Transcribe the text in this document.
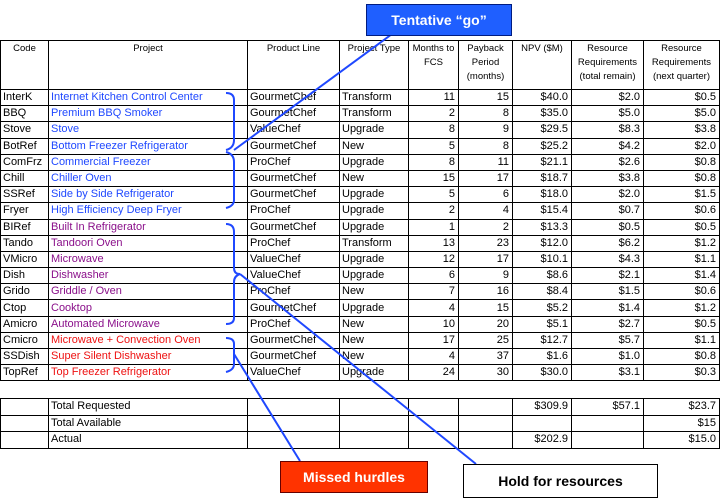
Code	Project	Product Line	Project Type	Months to FCS	Payback Period (months)	NPV ($M)	Resource Requirements (total remain)	Resource Requirements (next quarter)
InterK	Internet Kitchen Control Center	GourmetChef	Transform	11	15	$40.0	$2.0	$0.5
BBQ	Premium BBQ Smoker	GourmetChef	Transform	2	8	$35.0	$5.0	$5.0
Stove	Stove	ValueChef	Upgrade	8	9	$29.5	$8.3	$3.8
BotRef	Bottom Freezer Refrigerator	GourmetChef	New	5	8	$25.2	$4.2	$2.0
ComFrz	Commercial Freezer	ProChef	Upgrade	8	11	$21.1	$2.6	$0.8
Chill	Chiller Oven	GourmetChef	New	15	17	$18.7	$3.8	$0.8
SSRef	Side by Side Refrigerator	GourmetChef	Upgrade	5	6	$18.0	$2.0	$1.5
Fryer	High Efficiency Deep Fryer	ProChef	Upgrade	2	4	$15.4	$0.7	$0.6
BIRef	Built In Refrigerator	GourmetChef	Upgrade	1	2	$13.3	$0.5	$0.5
Tando	Tandoori Oven	ProChef	Transform	13	23	$12.0	$6.2	$1.2
VMicro	Microwave	ValueChef	Upgrade	12	17	$10.1	$4.3	$1.1
Dish	Dishwasher	ValueChef	Upgrade	6	9	$8.6	$2.1	$1.4
Grido	Griddle / Oven	ProChef	New	7	16	$8.4	$1.5	$0.6
Ctop	Cooktop	GourmetChef	Upgrade	4	15	$5.2	$1.4	$1.2
Amicro	Automated Microwave	ProChef	New	10	20	$5.1	$2.7	$0.5
Cmicro	Microwave + Convection Oven	GourmetChef	New	17	25	$12.7	$5.7	$1.1
SSDish	Super Silent Dishwasher	GourmetChef	New	4	37	$1.6	$1.0	$0.8
TopRef	Top Freezer Refrigerator	ValueChef	Upgrade	24	30	$30.0	$3.1	$0.3
	Total Requested					$309.9	$57.1	$23.7
	Total Available							$15
	Actual					$202.9		$15.0
Tentative “go”
Missed hurdles	Hold for resources
